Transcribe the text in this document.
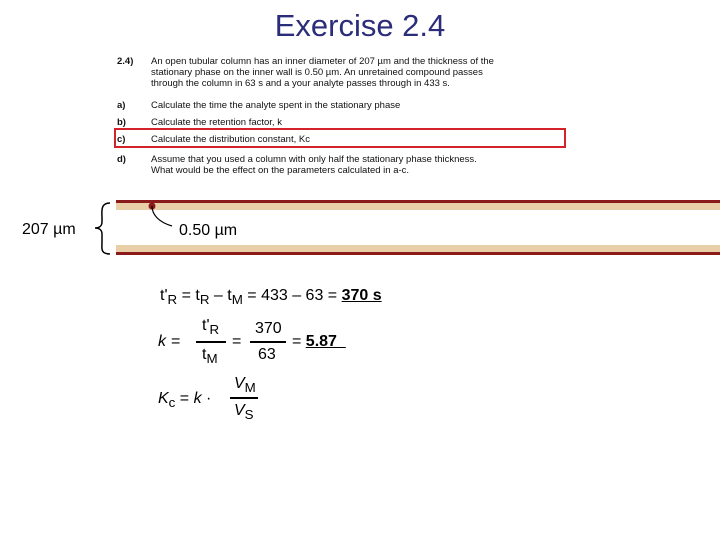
Exercise 2.4
2.4) An open tubular column has an inner diameter of 207 µm and the thickness of the
stationary phase on the inner wall is 0.50 µm. An unretained compound passes
through the column in 63 s and a your analyte passes through in 433 s.
a)	Calculate the time the analyte spent in the stationary phase
b)	Calculate the retention factor, k
c)	Calculate the distribution constant, Kc
d)	Assume that you used a column with only half the stationary phase thickness.
What would be the effect on the parameters calculated in a-c.
207 µm	0.50 µm
$t'_R = t_R - t_M = 433 - 63 = 370$ s
k =
$t'_R$
$t_M$
=
370
63
= 5.87
$K_c = k$ ·
$V_M$
$V_S$
